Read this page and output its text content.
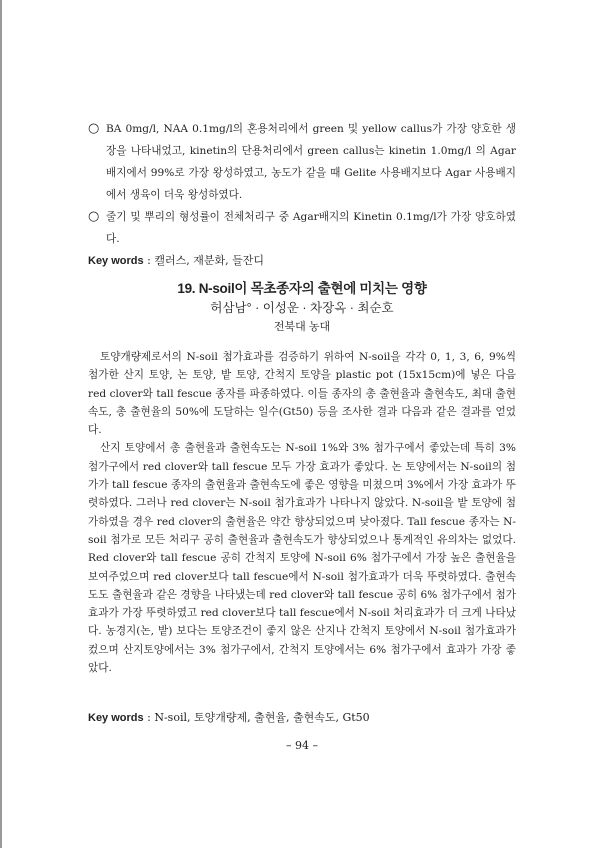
○ BA 0mg/l, NAA 0.1mg/l의 혼용처리에서 green 및 yellow callus가 가장 양호한 생장을 나타내었고, kinetin의 단용처리에서 green callus는 kinetin 1.0mg/l 의 Agar배지에서 99%로 가장 왕성하였고, 농도가 같을 때 Gelite 사용배지보다 Agar 사용배지에서 생육이 더욱 왕성하였다.
○ 줄기 및 뿌리의 형성률이 전체처리구 중 Agar배지의 Kinetin 0.1mg/l가 가장 양호하였다.
Key words : 캘러스, 재분화, 들잔디
19. N-soil이 목초종자의 출현에 미치는 영향
허삼남° · 이성운 · 차장옥 · 최순호
전북대 농대

토양개량제로서의 N-soil 첨가효과를 검증하기 위하여 N-soil을 각각 0, 1, 3, 6, 9%씩 첨가한 산지 토양, 논 토양, 밭 토양, 간척지 토양을 plastic pot (15x15cm)에 넣은 다음 red clover와 tall fescue 종자를 파종하였다. 이들 종자의 총 출현율과 출현속도, 최대 출현속도, 총 출현율의 50%에 도달하는 일수(Gt50) 등을 조사한 결과 다음과 같은 결과를 얻었다.

산지 토양에서 총 출현율과 출현속도는 N-soil 1%와 3% 첨가구에서 좋았는데 특히 3% 첨가구에서 red clover와 tall fescue 모두 가장 효과가 좋았다. 논 토양에서는 N-soil의 첨가가 tall fescue 종자의 출현율과 출현속도에 좋은 영향을 미쳤으며 3%에서 가장 효과가 뚜렷하였다. 그러나 red clover는 N-soil 첨가효과가 나타나지 않았다. N-soil을 밭 토양에 첨가하였을 경우 red clover의 출현율은 약간 향상되었으며 낮아졌다. Tall fescue 종자는 N-soil 첨가로 모든 처리구 공히 출현율과 출현속도가 향상되었으나 통계적인 유의차는 없었다. Red clover와 tall fescue 공히 간척지 토양에 N-soil 6% 첨가구에서 가장 높은 출현율을 보여주었으며 red clover보다 tall fescue에서 N-soil 첨가효과가 더욱 뚜렷하였다. 출현속도도 출현율과 같은 경향을 나타냈는데 red clover와 tall fescue 공히 6% 첨가구에서 첨가효과가 가장 뚜렷하였고 red clover보다 tall fescue에서 N-soil 처리효과가 더 크게 나타났다. 농경지(논, 밭) 보다는 토양조건이 좋지 않은 산지나 간척지 토양에서 N-soil 첨가효과가 컸으며 산지토양에서는 3% 첨가구에서, 간척지 토양에서는 6% 첨가구에서 효과가 가장 좋았다.

Key words : N-soil, 토양개량제, 출현율, 출현속도, Gt50
– 94 –
